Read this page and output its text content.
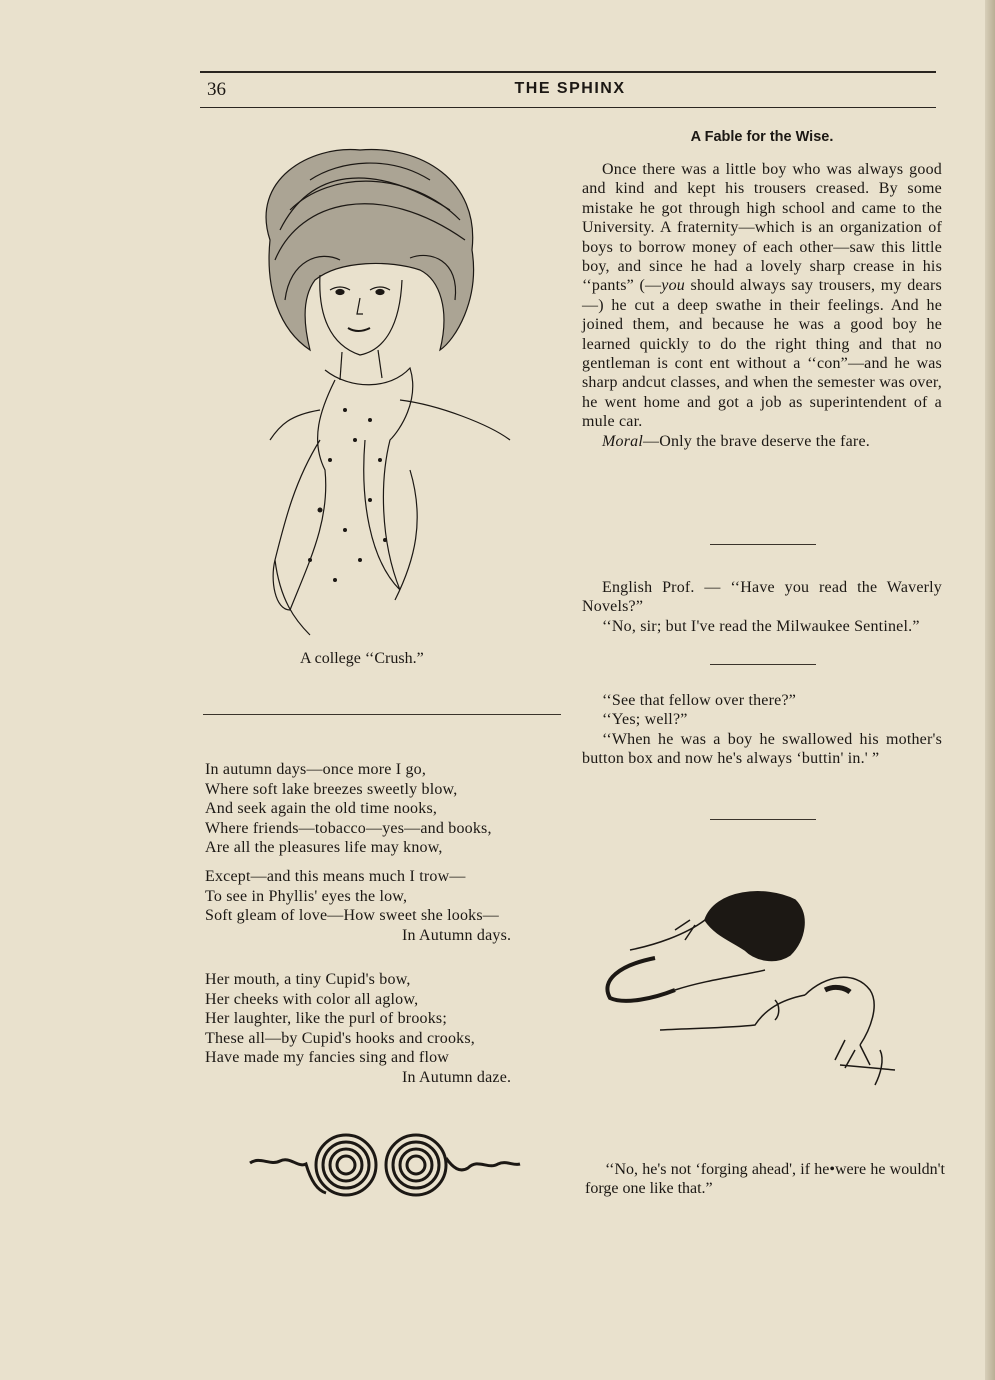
36	THE SPHINX
A Fable for the Wise.

Once there was a little boy who was always good and kind and kept his trousers creased. By some mistake he got through high school and came to the University. A fraternity—which is an organization of boys to borrow money of each other—saw this little boy, and since he had a lovely sharp crease in his ‘‘pants” (—you should always say trousers, my dears—) he cut a deep swathe in their feelings. And he joined them, and because he was a good boy he learned quickly to do the right thing and that no gentleman is cont ent without a ‘‘con”—and he was sharp andcut classes, and when the semester was over, he went home and got a job as superintendent of a mule car.

Moral—Only the brave deserve the fare.

English Prof. — ‘‘Have you read the Waverly Novels?”

‘‘No, sir; but I've read the Milwaukee Sentinel.”

‘‘See that fellow over there?”

‘‘Yes; well?”

‘‘When he was a boy he swallowed his mother's button box and now he's always ‘buttin' in.' ”

A college ‘‘Crush.”
In autumn days—once more I go,
Where soft lake breezes sweetly blow,
And seek again the old time nooks,
Where friends—tobacco—yes—and books,
Are all the pleasures life may know,
Except—and this means much I trow—
To see in Phyllis' eyes the low,
Soft gleam of love—How sweet she looks—
In Autumn days.
Her mouth, a tiny Cupid's bow,
Her cheeks with color all aglow,
Her laughter, like the purl of brooks;
These all—by Cupid's hooks and crooks,
Have made my fancies sing and flow
In Autumn daze.

‘‘No, he's not ‘forging ahead', if he•were he wouldn't forge one like that.”
